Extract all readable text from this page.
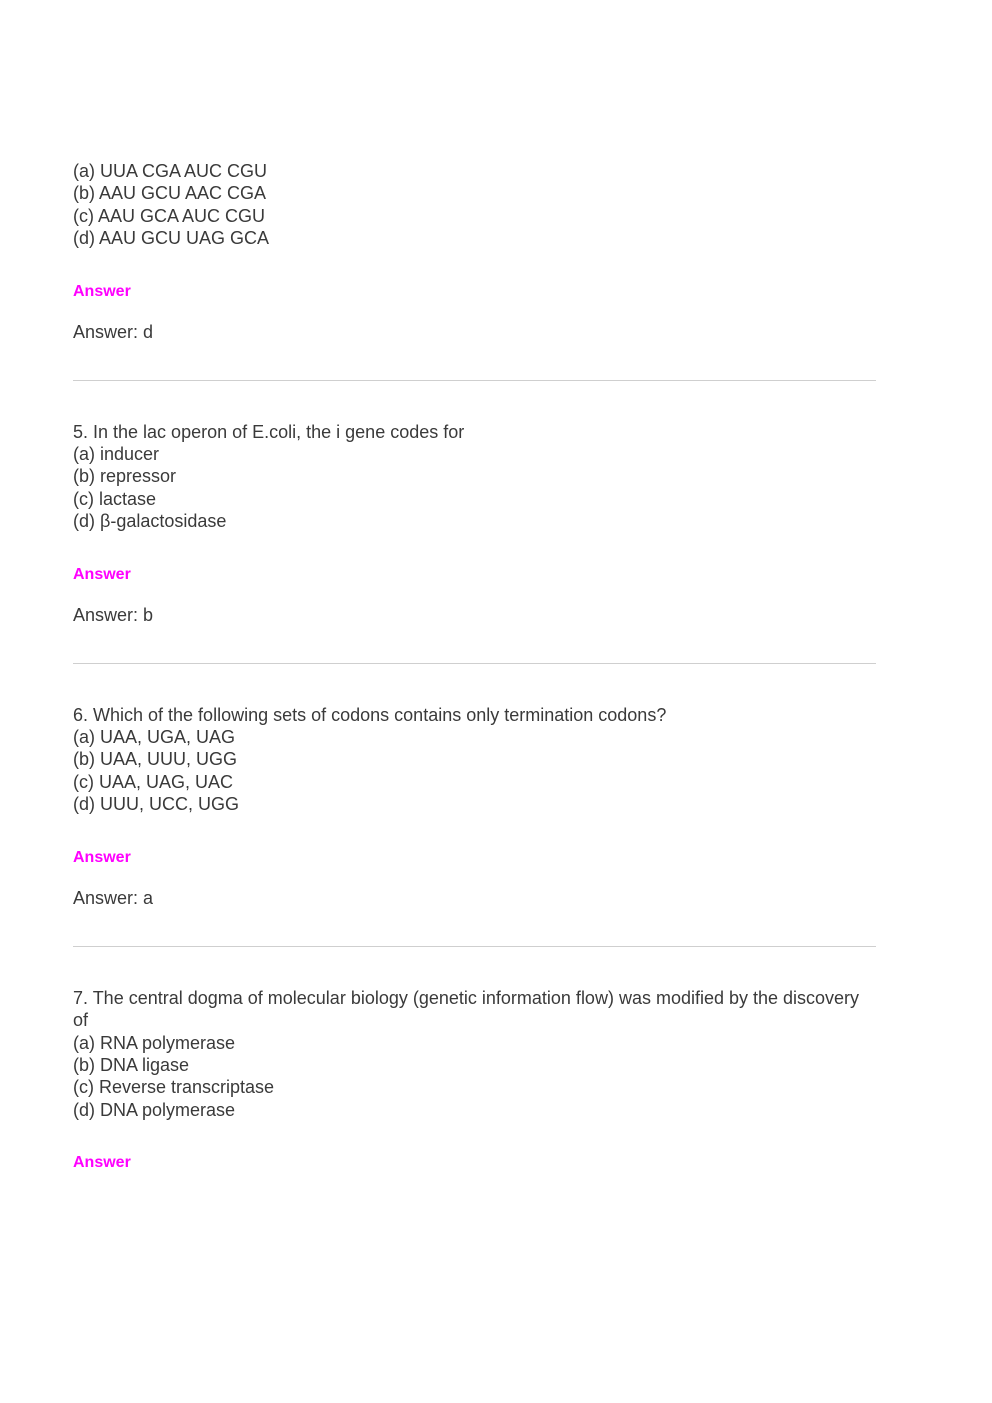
(a) UUA CGA AUC CGU

(b) AAU GCU AAC CGA

(c) AAU GCA AUC CGU

(d) AAU GCU UAG GCA

Answer

Answer: d

5. In the lac operon of E.coli, the i gene codes for

(a) inducer

(b) repressor

(c) lactase

(d) β-galactosidase

Answer

Answer: b

6. Which of the following sets of codons contains only termination codons?

(a) UAA, UGA, UAG

(b) UAA, UUU, UGG

(c) UAA, UAG, UAC

(d) UUU, UCC, UGG

Answer

Answer: a

7. The central dogma of molecular biology (genetic information flow) was modified by the discovery of

(a) RNA polymerase

(b) DNA ligase

(c) Reverse transcriptase

(d) DNA polymerase

Answer
